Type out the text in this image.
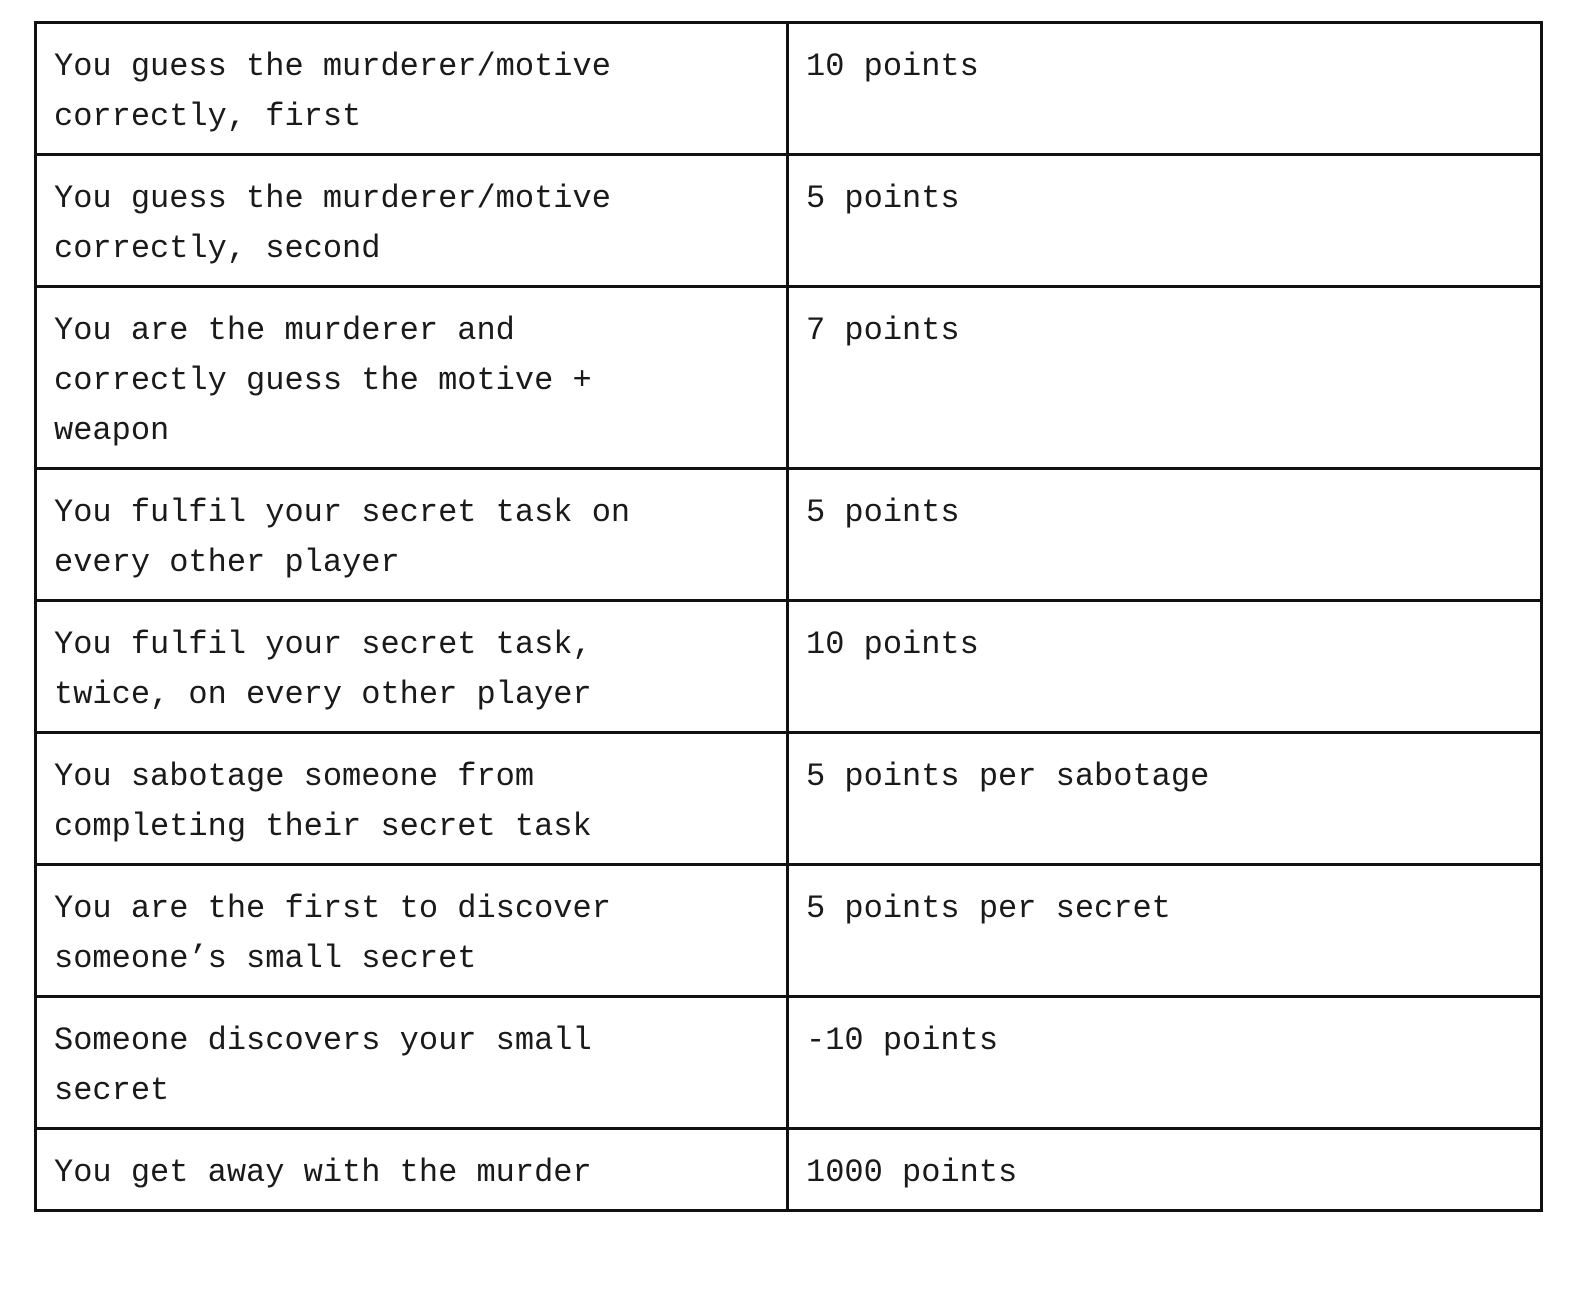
You guess the murderer/motive
correctly, first	10 points
You guess the murderer/motive
correctly, second	5 points
You are the murderer and
correctly guess the motive +
weapon	7 points
You fulfil your secret task on
every other player	5 points
You fulfil your secret task,
twice, on every other player	10 points
You sabotage someone from
completing their secret task	5 points per sabotage
You are the first to discover
someone’s small secret	5 points per secret
Someone discovers your small
secret	-10 points
You get away with the murder	1000 points
